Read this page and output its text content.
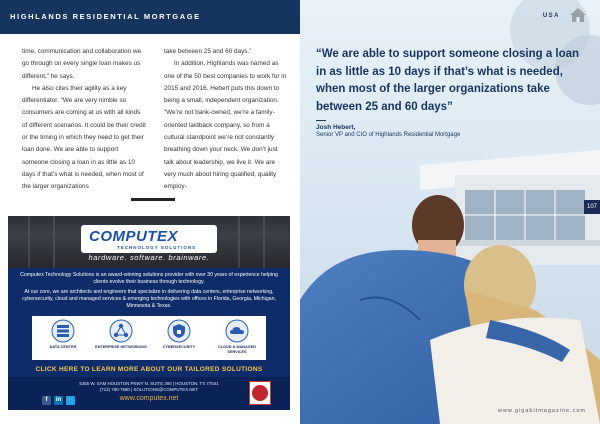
HIGHLANDS RESIDENTIAL MORTGAGE

time, communication and collaboration we go through on every single loan makes us different,” he says.

He also cites their agility as a key differentiator. “We are very nimble so consumers are coming at us with all kinds of different scenarios. It could be their credit or the timing in which they need to get their loan done. We are able to support someone closing a loan in as little as 10 days if that’s what is needed, when most of the larger organizations

take between 25 and 60 days.”

In addition, Highlands was named as one of the 50 best companies to work for in 2015 and 2016. Hebert puts this down to being a small, independent organization. “We’re not bank-owned, we’re a family-oriented laidback company, so from a cultural standpoint we’re not constantly breathing down your neck. We don’t just talk about leadership, we live it. We are very much about hiring qualified, quality employ-

COMPUTEX
TECHNOLOGY SOLUTIONS
hardware. software. brainware.

Computex Technology Solutions is an award-winning solutions provider with over 30 years of experience helping clients evolve their business through technology.

At our core, we are architects and engineers that specialize in delivering data centers, enterprise networking, cybersecurity, cloud and managed services & emerging technologies with offices in Florida, Georgia, Michigan, Minnesota & Texas.

DATA CENTER	ENTERPRISE NETWORKING	CYBERSECURITY	CLOUD & MANAGED SERVICES
CLICK HERE TO LEARN MORE ABOUT OUR TAILORED SOLUTIONS
f	in 🐦
5355 W. SAM HOUSTON PKWY N. SUITE 390 | HOUSTON, TX 77041
(713) 780-7580 | SOLUTIONS@COMPUTEX.NET
www.computex.net
USA
“We are able to support someone closing a loan in as little as 10 days if that’s what is needed, when most of the larger organizations take between 25 and 60 days”
Josh Hebert,
Senior VP and CIO of Highlands Residential Mortgage
107
www.gigabitmagazine.com
